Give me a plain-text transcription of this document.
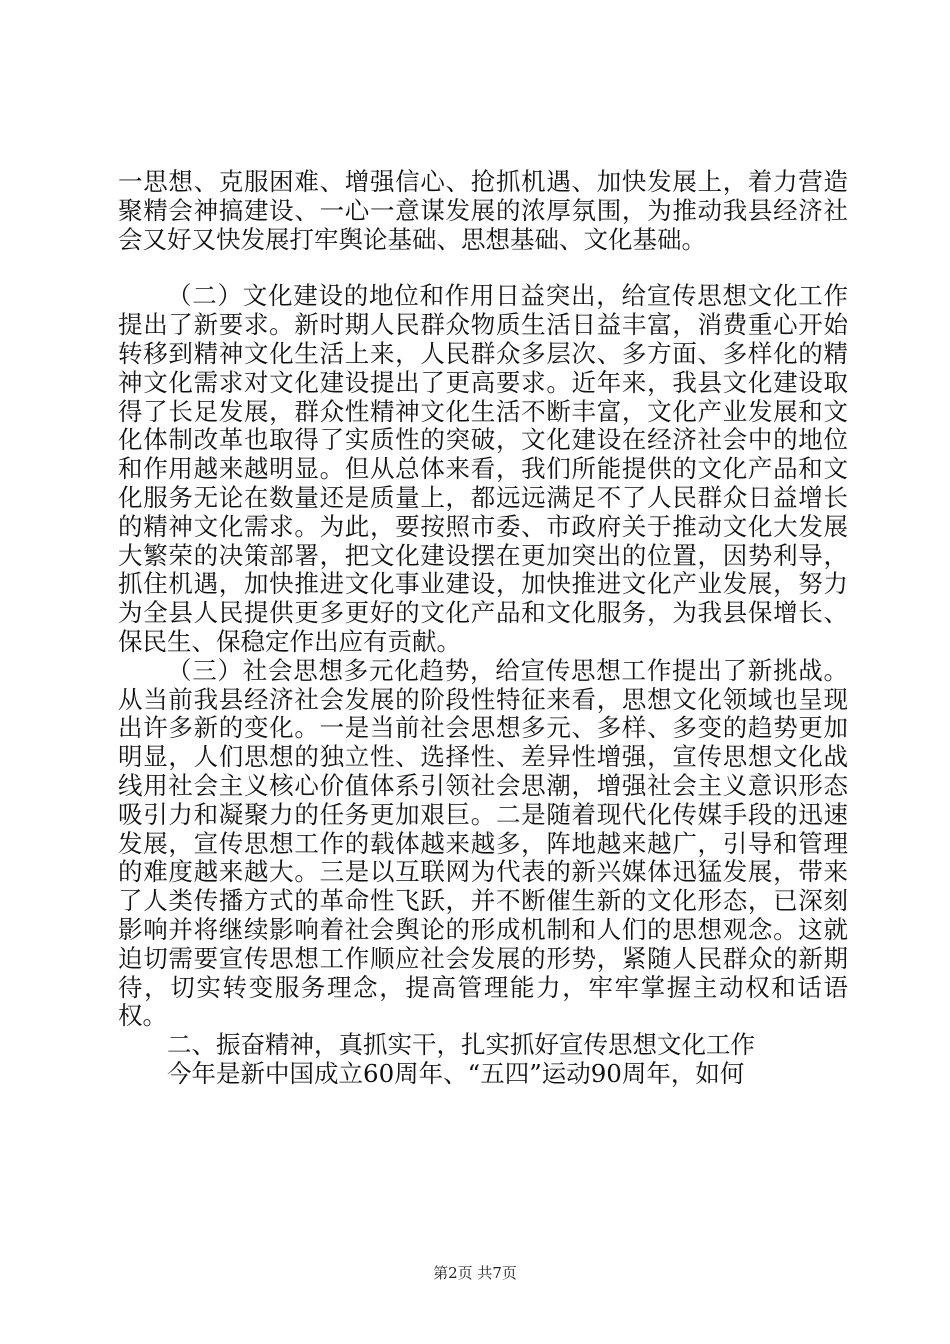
一思想、克服困难、增强信心、抢抓机遇、加快发展上，着力营造聚精会神搞建设、一心一意谋发展的浓厚氛围，为推动我县经济社会又好又快发展打牢舆论基础、思想基础、文化基础。

（二）文化建设的地位和作用日益突出，给宣传思想文化工作提出了新要求。新时期人民群众物质生活日益丰富，消费重心开始转移到精神文化生活上来，人民群众多层次、多方面、多样化的精神文化需求对文化建设提出了更高要求。近年来，我县文化建设取得了长足发展，群众性精神文化生活不断丰富，文化产业发展和文化体制改革也取得了实质性的突破，文化建设在经济社会中的地位和作用越来越明显。但从总体来看，我们所能提供的文化产品和文化服务无论在数量还是质量上，都远远满足不了人民群众日益增长的精神文化需求。为此，要按照市委、市政府关于推动文化大发展大繁荣的决策部署，把文化建设摆在更加突出的位置，因势利导，抓住机遇，加快推进文化事业建设，加快推进文化产业发展，努力为全县人民提供更多更好的文化产品和文化服务，为我县保增长、保民生、保稳定作出应有贡献。

（三）社会思想多元化趋势，给宣传思想工作提出了新挑战。从当前我县经济社会发展的阶段性特征来看，思想文化领域也呈现出许多新的变化。一是当前社会思想多元、多样、多变的趋势更加明显，人们思想的独立性、选择性、差异性增强，宣传思想文化战线用社会主义核心价值体系引领社会思潮，增强社会主义意识形态吸引力和凝聚力的任务更加艰巨。二是随着现代化传媒手段的迅速发展，宣传思想工作的载体越来越多，阵地越来越广，引导和管理的难度越来越大。三是以互联网为代表的新兴媒体迅猛发展，带来了人类传播方式的革命性飞跃，并不断催生新的文化形态，已深刻影响并将继续影响着社会舆论的形成机制和人们的思想观念。这就迫切需要宣传思想工作顺应社会发展的形势，紧随人民群众的新期待，切实转变服务理念，提高管理能力，牢牢掌握主动权和话语权。

二、振奋精神，真抓实干，扎实抓好宣传思想文化工作

今年是新中国成立60周年、“五四”运动90周年，如何

第2页 共7页
